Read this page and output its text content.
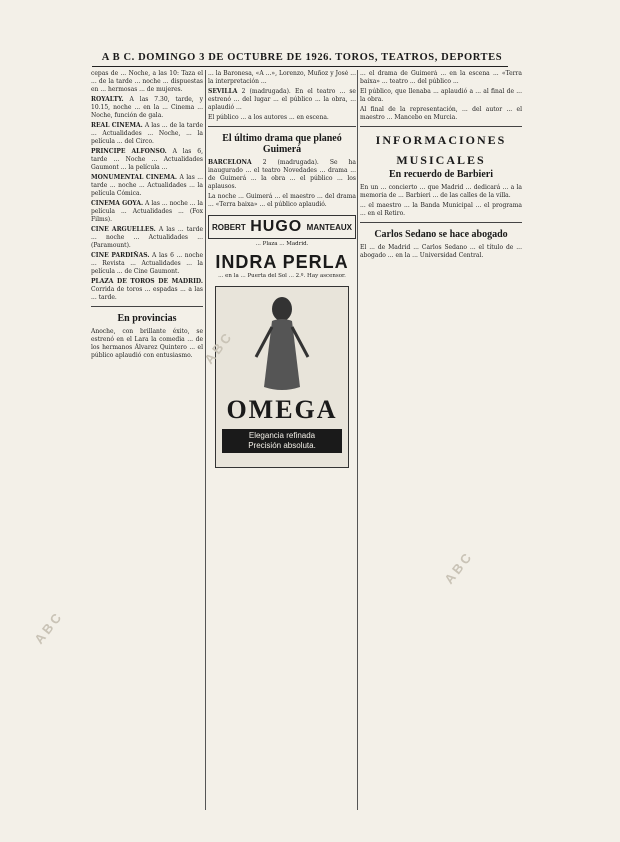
A B C. DOMINGO 3 DE OCTUBRE DE 1926. TOROS, TEATROS, DEPORTES

cepas de ... Noche, a las 10: Taza el ... de la tarde ... noche ... dispuestas en ... hermosas ... de mujeres.

ROYALTY. A las 7.30, tarde, y 10.15, noche ... en la ... Cinema ... Noche, función de gala.

REAL CINEMA. A las ... de la tarde ... Actualidades ... Noche, ... la película ... del Circo.

PRINCIPE ALFONSO. A las 6, tarde ... Noche ... Actualidades Gaumont ... la película ...

MONUMENTAL CINEMA. A las ... tarde ... noche ... Actualidades ... la película Cómica.

CINEMA GOYA. A las ... noche ... la película ... Actualidades ... (Fox Films).

CINE ARGUELLES. A las ... tarde ... noche ... Actualidades ... (Paramount).

CINE PARDIÑAS. A las 6 ... noche ... Revista ... Actualidades ... la película ... de Cine Gaumont.

PLAZA DE TOROS DE MADRID. Corrida de toros ... espadas ... a las ... tarde.

En provincias

Anoche, con brillante éxito, se estrenó en el Lara la comedia ... de los hermanos Álvarez Quintero ... el público aplaudió con entusiasmo.

... la Baronesa, «A ...», Lorenzo, Muñoz y José ... la interpretación ...

SEVILLA 2 (madrugada). En el teatro ... se estrenó ... del lugar ... el público ... la obra, ... aplaudió ...

El público ... a los autores ... en escena.

El último drama que planeó Guimerá

BARCELONA 2 (madrugada). Se ha inaugurado ... el teatro Novedades ... drama ... de Guimerá ... la obra ... el público ... los aplausos.

La noche ... Guimerá ... el maestro ... del drama ... «Terra baixa» ... el público aplaudió.

ROBERT HUGO MANTEAUX
... Plaza ... Madrid.
INDRA PERLA
... en la ... Puerta del Sol ... 2.º. Hay ascensor.
OMEGA
Elegancia refinada
Precisión absoluta.

... el drama de Guimerá ... en la escena ... «Terra baixa» ... teatro ... del público ...

El público, que llenaba ... aplaudió a ... al final de ... la obra.

Al final de la representación, ... del autor ... el maestro ... Mancebo en Murcia.

INFORMACIONES
MUSICALES
En recuerdo de Barbieri

En un ... concierto ... que Madrid ... dedicará ... a la memoria de ... Barbieri ... de las calles de la villa.

... el maestro ... la Banda Municipal ... el programa ... en el Retiro.

Carlos Sedano se hace abogado

El ... de Madrid ... Carlos Sedano ... el título de ... abogado ... en la ... Universidad Central.

ABC
ABC
ABC
